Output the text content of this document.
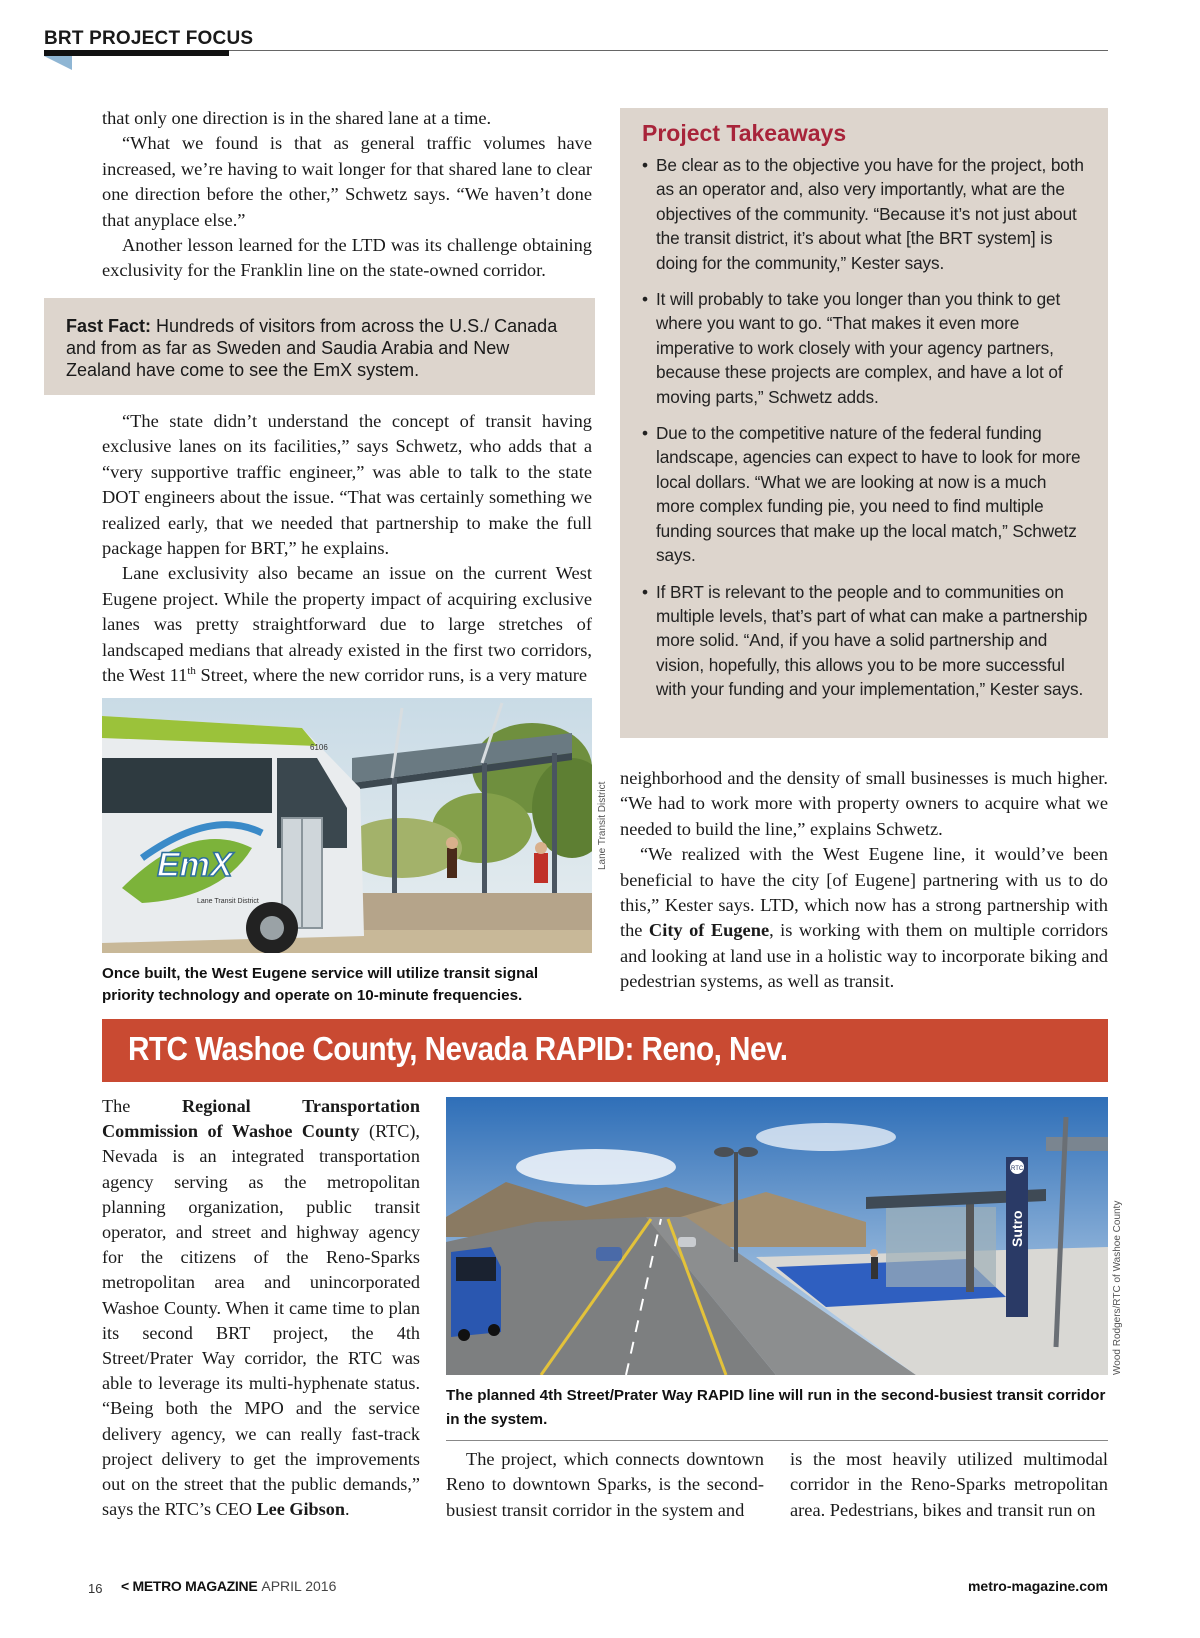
BRT PROJECT FOCUS

that only one direction is in the shared lane at a time.

“What we found is that as general traffic volumes have increased, we’re having to wait longer for that shared lane to clear one direction before the other,” Schwetz says. “We haven’t done that anyplace else.”

Another lesson learned for the LTD was its challenge obtaining exclusivity for the Franklin line on the state-owned corridor.

Fast Fact: Hundreds of visitors from across the U.S./ Canada and from as far as Sweden and Saudia Arabia and New Zealand have come to see the EmX system.

“The state didn’t understand the concept of transit having exclusive lanes on its facilities,” says Schwetz, who adds that a “very supportive traffic engineer,” was able to talk to the state DOT engineers about the issue. “That was certainly something we realized early, that we needed that partnership to make the full package happen for BRT,” he explains.

Lane exclusivity also became an issue on the current West Eugene project. While the property impact of acquiring exclusive lanes was pretty straightforward due to large stretches of landscaped medians that already existed in the first two corridors, the West 11th Street, where the new corridor runs, is a very mature

Project Takeaways
• Be clear as to the objective you have for the project, both as an operator and, also very importantly, what are the objectives of the community. “Because it’s not just about the transit district, it’s about what [the BRT system] is doing for the community,” Kester says.
• It will probably to take you longer than you think to get where you want to go. “That makes it even more imperative to work closely with your agency partners, because these projects are complex, and have a lot of moving parts,” Schwetz adds.
• Due to the competitive nature of the federal funding landscape, agencies can expect to have to look for more local dollars. “What we are looking at now is a much more complex funding pie, you need to find multiple funding sources that make up the local match,” Schwetz says.
• If BRT is relevant to the people and to communities on multiple levels, that’s part of what can make a partnership more solid. “And, if you have a solid partnership and vision, hopefully, this allows you to be more successful with your funding and your implementation,” Kester says.
EmX
Lane Transit District
6106
Lane Transit District
Once built, the West Eugene service will utilize transit signal priority technology and operate on 10-minute frequencies.

neighborhood and the density of small businesses is much higher. “We had to work more with property owners to acquire what we needed to build the line,” explains Schwetz.

“We realized with the West Eugene line, it would’ve been beneficial to have the city [of Eugene] partnering with us to do this,” Kester says. LTD, which now has a strong partnership with the City of Eugene, is working with them on multiple corridors and looking at land use in a holistic way to incorporate biking and pedestrian systems, as well as transit.

RTC Washoe County, Nevada RAPID: Reno, Nev.

The Regional Transportation Commission of Washoe County (RTC), Nevada is an integrated transportation agency serving as the metropolitan planning organization, public transit operator, and street and highway agency for the citizens of the Reno-Sparks metropolitan area and unincorporated Washoe County. When it came time to plan its second BRT project, the 4th Street/Prater Way corridor, the RTC was able to leverage its multi-hyphenate status. “Being both the MPO and the service delivery agency, we can really fast-track project delivery to get the improvements out on the street that the public demands,” says the RTC’s CEO Lee Gibson.

Sutro
RTC
Wood Rodgers/RTC of Washoe County
The planned 4th Street/Prater Way RAPID line will run in the second-busiest transit corridor in the system.

The project, which connects downtown Reno to downtown Sparks, is the second-busiest transit corridor in the system and

is the most heavily utilized multimodal corridor in the Reno-Sparks metropolitan area. Pedestrians, bikes and transit run on

16 < METRO MAGAZINE APRIL 2016	metro-magazine.com
